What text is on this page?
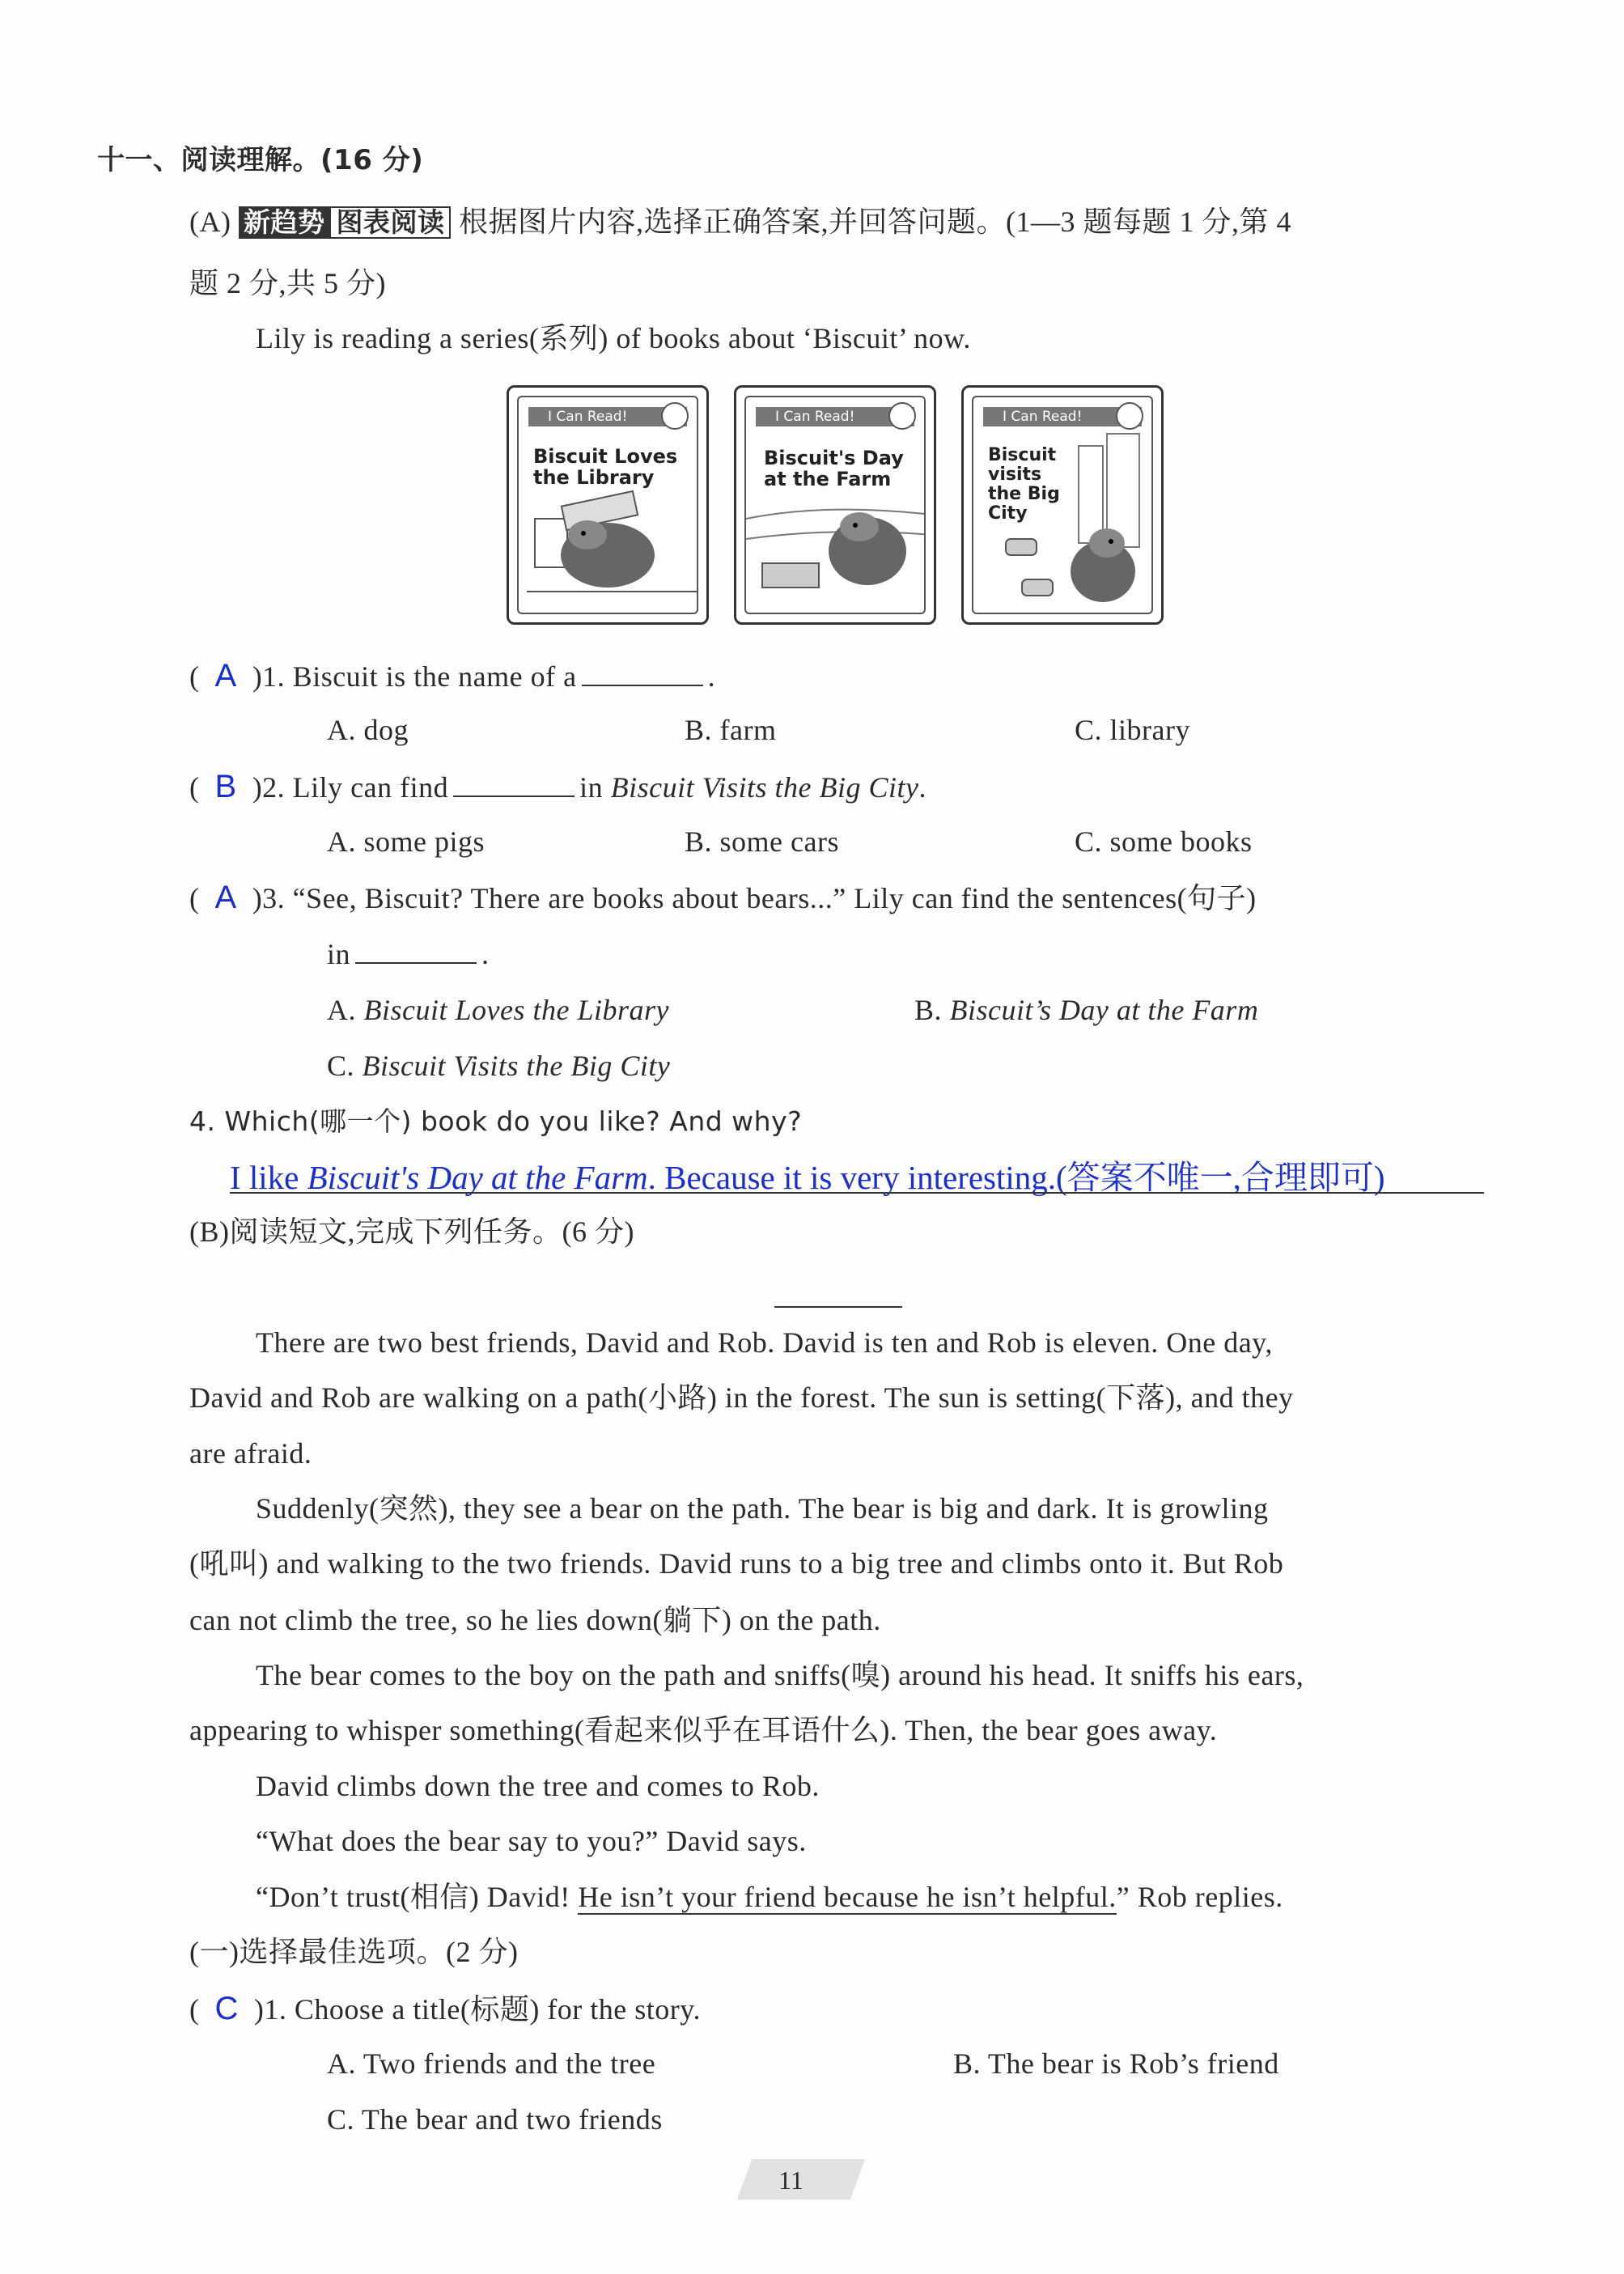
十一、阅读理解。(16 分)
(A) 新趋势 图表阅读 根据图片内容,选择正确答案,并回答问题。(1—3 题每题 1 分,第 4
题 2 分,共 5 分)
Lily is reading a series(系列) of books about ‘Biscuit’ now.
I Can Read!
Biscuit Loves the Library
I Can Read!
Biscuit's Day at the Farm
I Can Read!
Biscuit visits the Big City
(  A )1. Biscuit is the name of a	.
A. dog	B. farm	C. library
(  B )2. Lily can find	in Biscuit Visits the Big City.
A. some pigs	B. some cars	C. some books
(  A )3. “See, Biscuit? There are books about bears...” Lily can find the sentences(句子)
in	.
A. Biscuit Loves the Library	B. Biscuit’s Day at the Farm
C. Biscuit Visits the Big City
4. Which(哪一个) book do you like? And why?
I like Biscuit's Day at the Farm. Because it is very interesting.(答案不唯一,合理即可)
(B)阅读短文,完成下列任务。(6 分)
There are two best friends, David and Rob. David is ten and Rob is eleven. One day,
David and Rob are walking on a path(小路) in the forest. The sun is setting(下落), and they
are afraid.
Suddenly(突然), they see a bear on the path. The bear is big and dark. It is growling
(吼叫) and walking to the two friends. David runs to a big tree and climbs onto it. But Rob
can not climb the tree, so he lies down(躺下) on the path.
The bear comes to the boy on the path and sniffs(嗅) around his head. It sniffs his ears,
appearing to whisper something(看起来似乎在耳语什么). Then, the bear goes away.
David climbs down the tree and comes to Rob.
“What does the bear say to you?” David says.
“Don’t trust(相信) David! He isn’t your friend because he isn’t helpful.” Rob replies.
(一)选择最佳选项。(2 分)
(  C )1. Choose a title(标题) for the story.
A. Two friends and the tree	B. The bear is Rob’s friend
C. The bear and two friends
11
